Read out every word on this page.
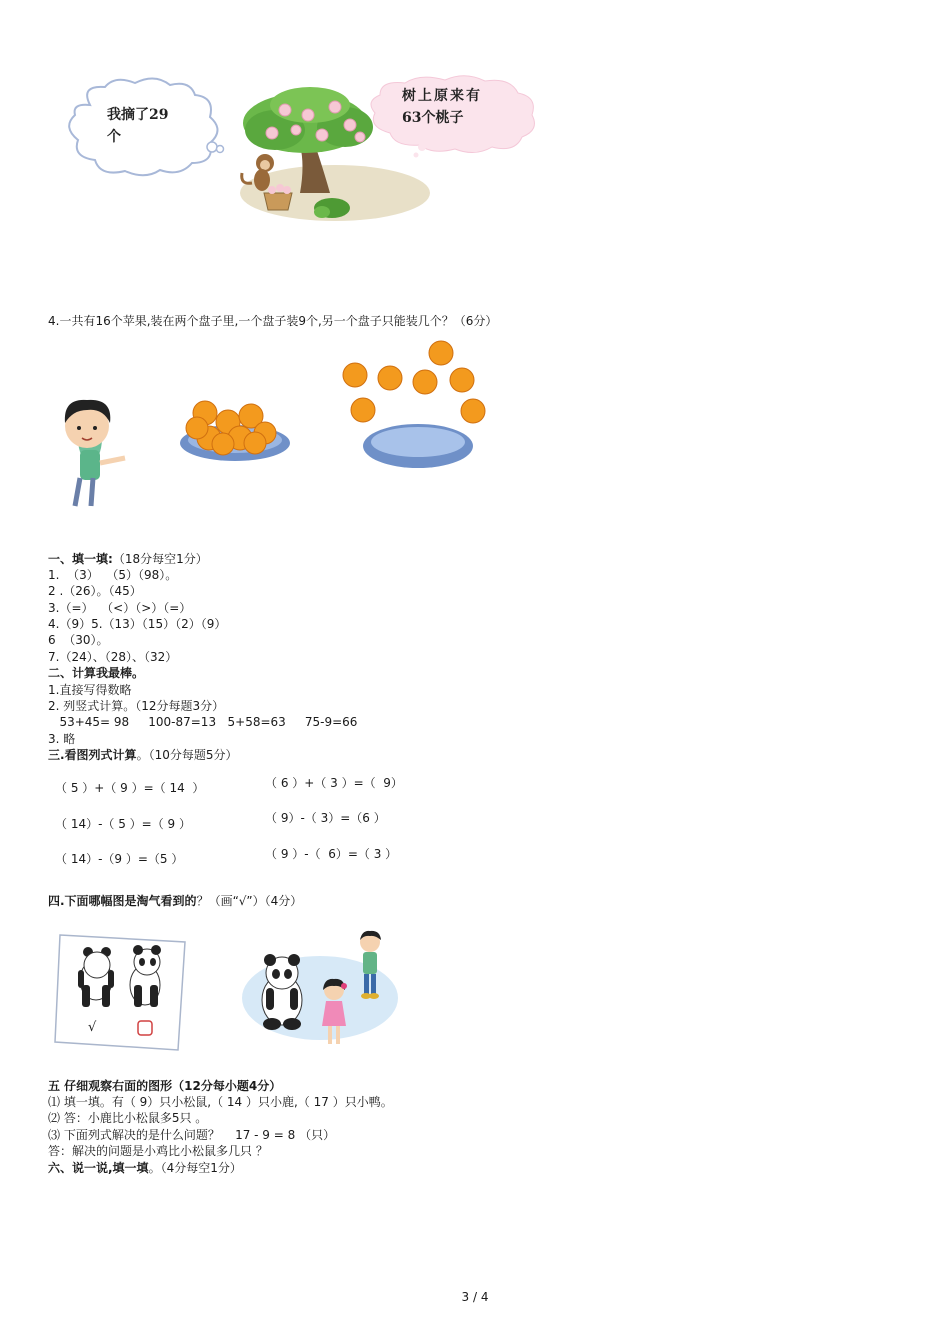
我摘了29
个
树上原来有
63个桃子
4.一共有16个苹果,装在两个盘子里,一个盘子装9个,另一个盘子只能装几个？（6分）
一、填一填:（18分每空1分）
1.  （3）  （5）（98）。
2 .（26）。（45）
3.（=）  （<）（>）（=）
4.（9）5.（13）（15）（2）（9）
6  （30）。
7.（24）、（28）、（32）
二、计算我最棒。
1.直接写得数略
2. 列竖式计算。（12分每题3分）
53+45= 98     100-87=13   5+58=63     75-9=66
3. 略
三.看图列式计算。（10分每题5分）
（ 5 ）+（ 9 ）=（ 14  ）
（ 14）-（ 5 ）=（ 9 ）
（ 14）-（9 ）=（5 ）
（ 6 ）+（ 3 ）=（  9）
（ 9）-（ 3）=（6 ）
（ 9 ）-（  6）=（ 3 ）
四.下面哪幅图是淘气看到的？（画“√”）（4分）
√
五 仔细观察右面的图形（12分每小题4分）
⑴ 填一填。有（ 9）只小松鼠,（ 14 ）只小鹿,（ 17 ）只小鸭。
⑵ 答：小鹿比小松鼠多5只 。
⑶ 下面列式解决的是什么问题？    17 - 9 = 8 （只）
答：解决的问题是小鸡比小松鼠多几只 ？
六、说一说,填一填。（4分每空1分）
3 / 4
